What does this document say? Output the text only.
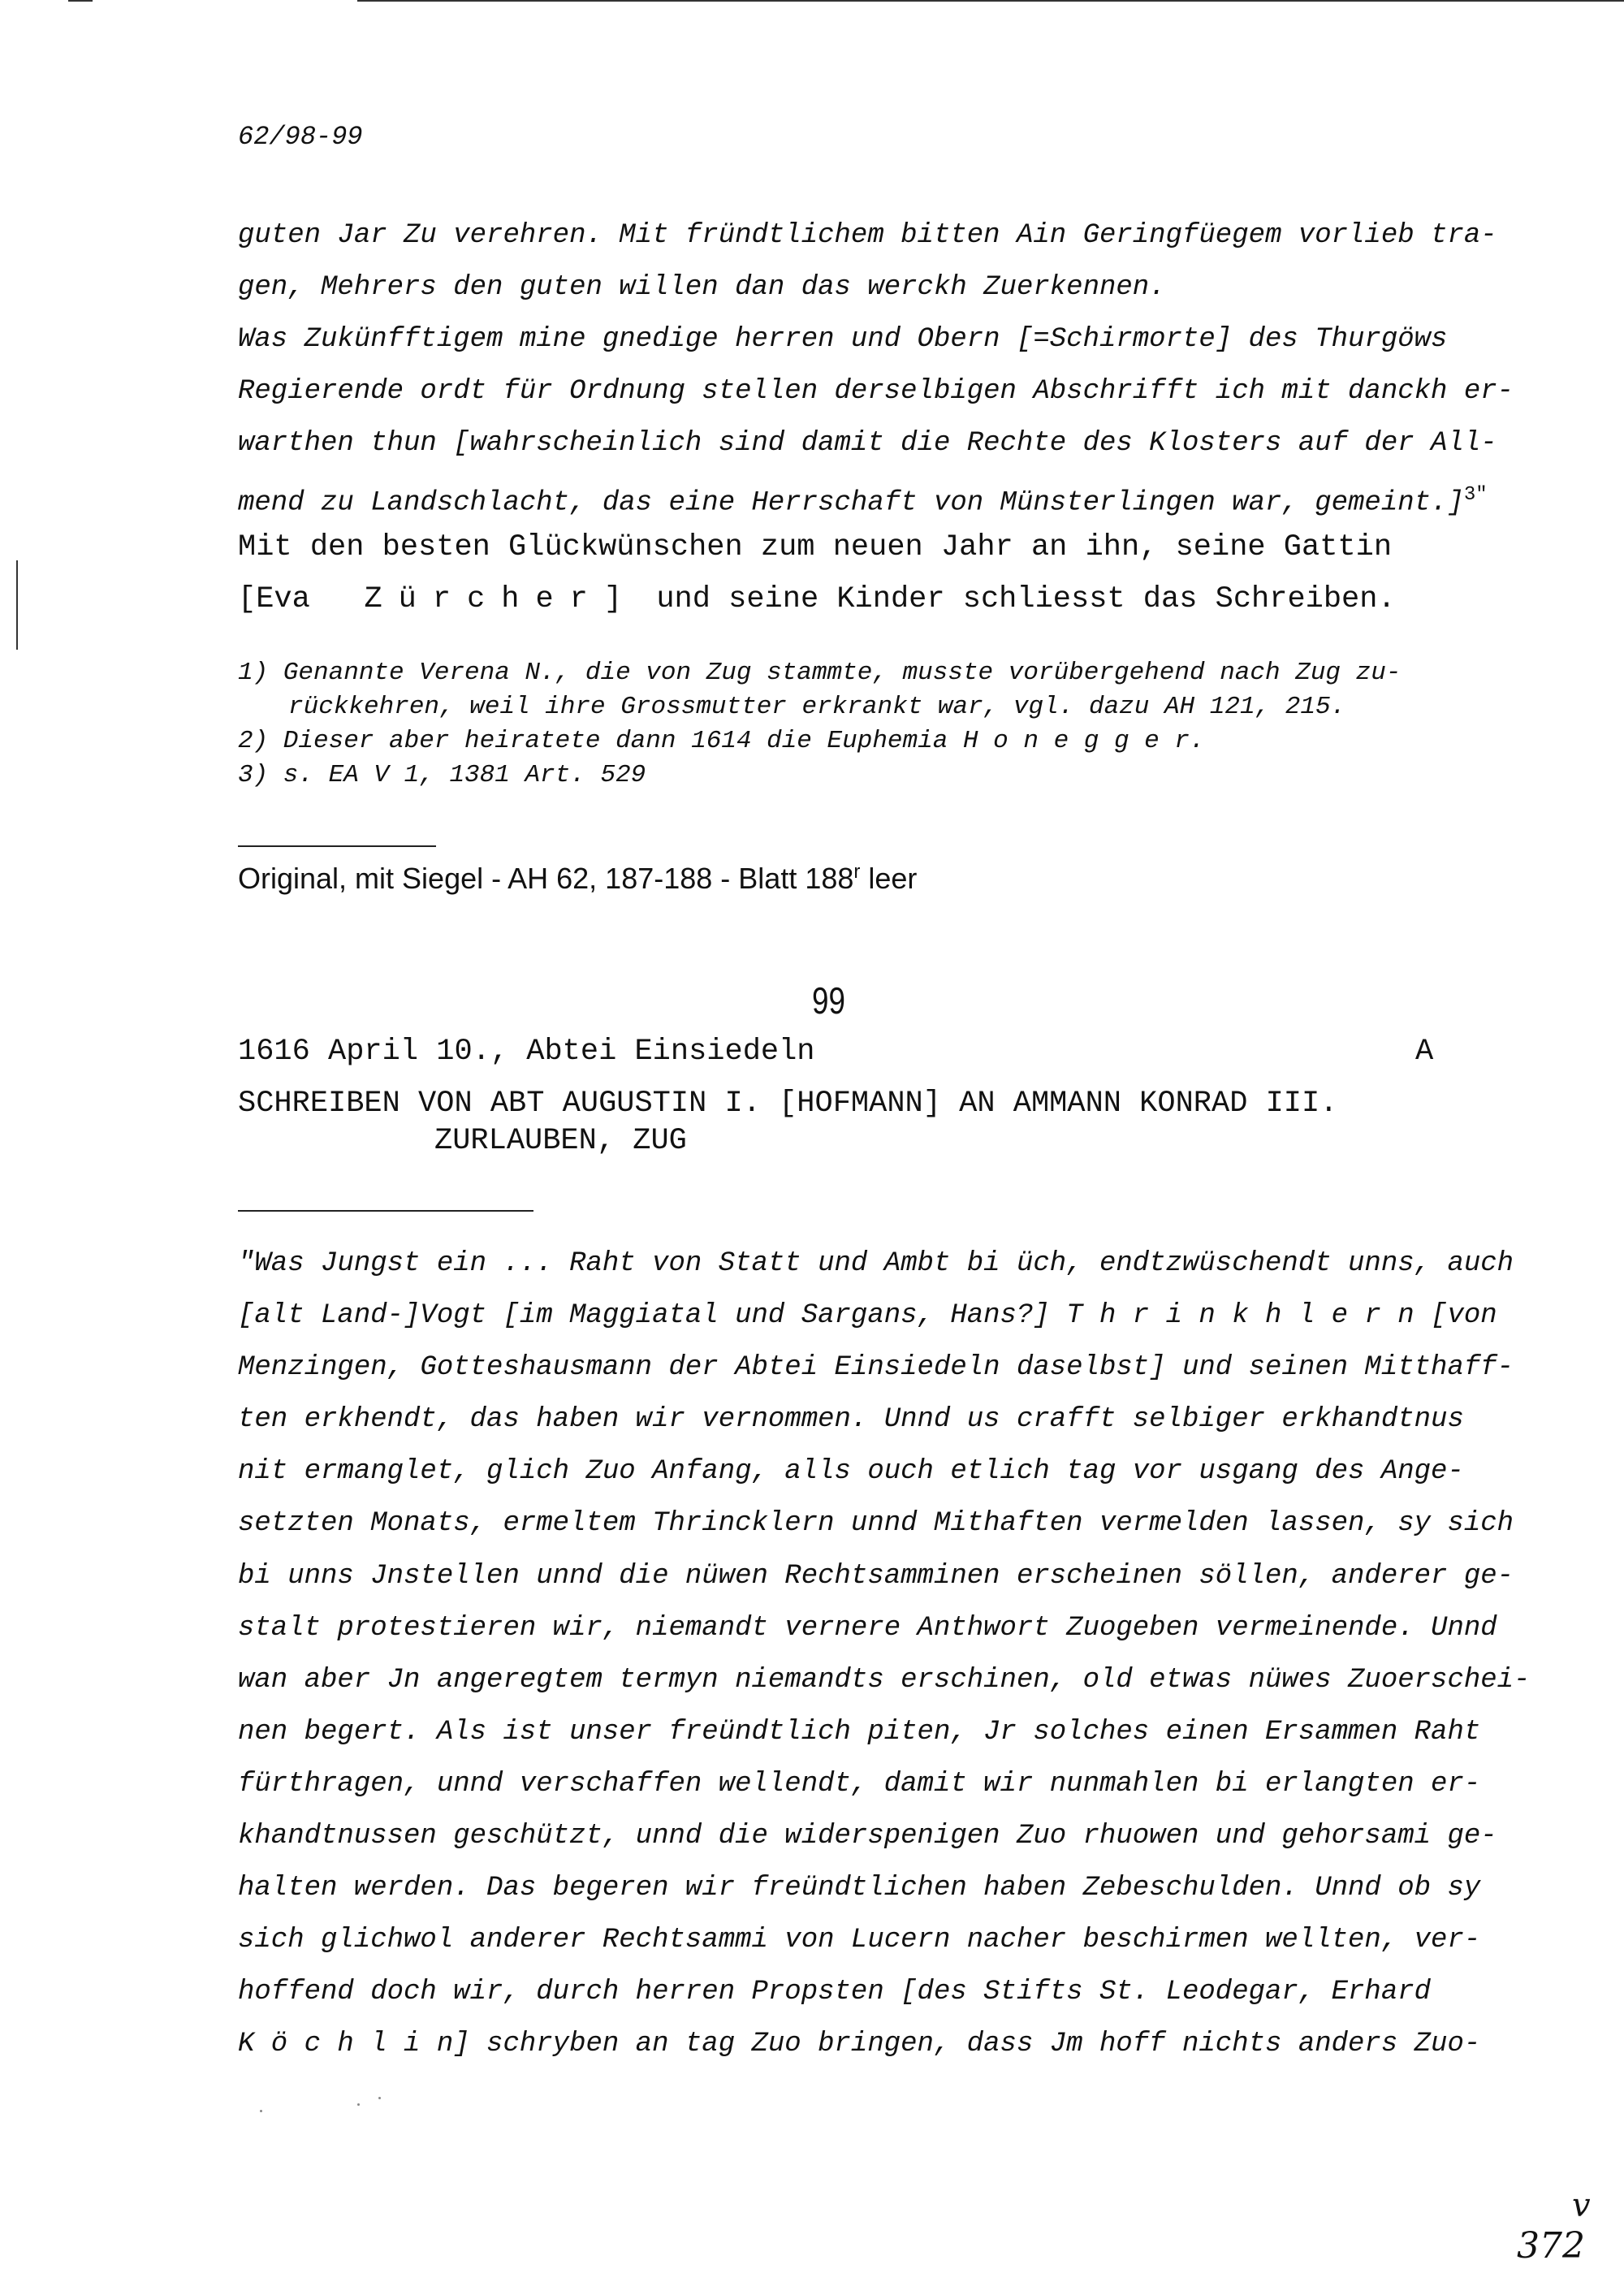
62/98-99
guten Jar Zu verehren. Mit fründtlichem bitten Ain Geringfüegem vorlieb tra-
gen, Mehrers den guten willen dan das werckh Zuerkennen.
Was Zukünfftigem mine gnedige herren und Obern [=Schirmorte] des Thurgöws
Regierende ordt für Ordnung stellen derselbigen Abschrifft ich mit danckh er-
warthen thun [wahrscheinlich sind damit die Rechte des Klosters auf der All-
mend zu Landschlacht, das eine Herrschaft von Münsterlingen war, gemeint.]$^{3"}$
Mit den besten Glückwünschen zum neuen Jahr an ihn, seine Gattin
[Eva Zürcher] und seine Kinder schliesst das Schreiben.
1) Genannte Verena N., die von Zug stammte, musste vorübergehend nach Zug zu-
rückkehren, weil ihre Grossmutter erkrankt war, vgl. dazu AH 121, 215.
2) Dieser aber heiratete dann 1614 die Euphemia H o n e g g e r.
3) s. EA V 1, 1381 Art. 529
Original, mit Siegel - AH 62, 187-188 - Blatt 188$^r$ leer
99
1616 April 10., Abtei Einsiedeln	A
SCHREIBEN VON ABT AUGUSTIN I. [HOFMANN] AN AMMANN KONRAD III.
ZURLAUBEN, ZUG
"Was Jungst ein ... Raht von Statt und Ambt bi üch, endtzwüschendt unns, auch
[alt Land-]Vogt [im Maggiatal und Sargans, Hans?] T h r i n k h l e r n [von
Menzingen, Gotteshausmann der Abtei Einsiedeln daselbst] und seinen Mitthaff-
ten erkhendt, das haben wir vernommen. Unnd us crafft selbiger erkhandtnus
nit ermanglet, glich Zuo Anfang, alls ouch etlich tag vor usgang des Ange-
setzten Monats, ermeltem Thrincklern unnd Mithaften vermelden lassen, sy sich
bi unns Jnstellen unnd die nüwen Rechtsamminen erscheinen söllen, anderer ge-
stalt protestieren wir, niemandt vernere Anthwort Zuogeben vermeinende. Unnd
wan aber Jn angeregtem termyn niemandts erschinen, old etwas nüwes Zuoerschei-
nen begert. Als ist unser freündtlich piten, Jr solches einen Ersammen Raht
fürthragen, unnd verschaffen wellendt, damit wir nunmahlen bi erlangten er-
khandtnussen geschützt, unnd die widerspenigen Zuo rhuowen und gehorsami ge-
halten werden. Das begeren wir freündtlichen haben Zebeschulden. Unnd ob sy
sich glichwol anderer Rechtsammi von Lucern nacher beschirmen wellten, ver-
hoffend doch wir, durch herren Propsten [des Stifts St. Leodegar, Erhard
K ö c h l i n] schryben an tag Zuo bringen, dass Jm hoff nichts anders Zuo-
v
372
